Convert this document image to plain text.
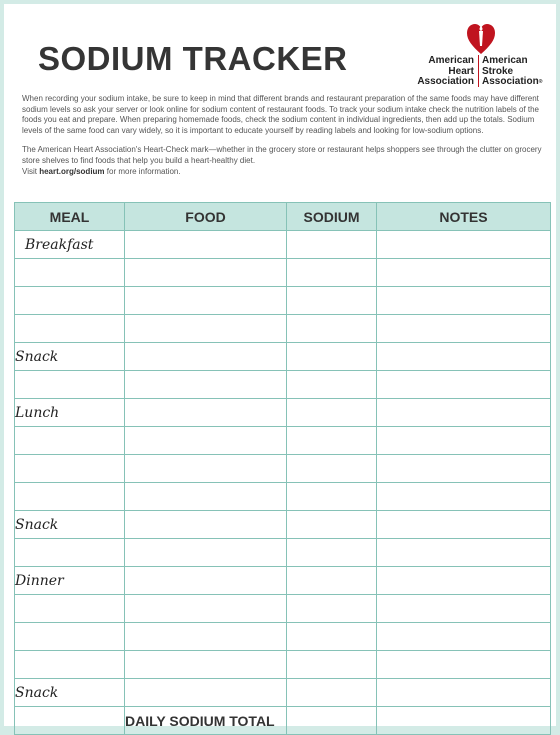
SODIUM TRACKER	American
Heart
Association
American
Stroke
Association®

When recording your sodium intake, be sure to keep in mind that different brands and restaurant preparation of the same foods may have different sodium levels so ask your server or look online for sodium content of restaurant foods. To track your sodium intake check the nutrition labels of the foods you eat and prepare. When preparing homemade foods, check the sodium content in individual ingredients, then add up the totals. Sodium levels of the same food can vary widely, so it is important to educate yourself by reading labels and looking for low-sodium options.

The American Heart Association's Heart-Check mark—whether in the grocery store or restaurant helps shoppers see through the clutter on grocery store shelves to find foods that help you build a heart-healthy diet.

Visit heart.org/sodium for more information.
MEAL	FOOD	SODIUM	NOTES
Breakfast			

Snack			

Lunch			

Snack			

Dinner			

Snack			
	DAILY SODIUM TOTAL		
